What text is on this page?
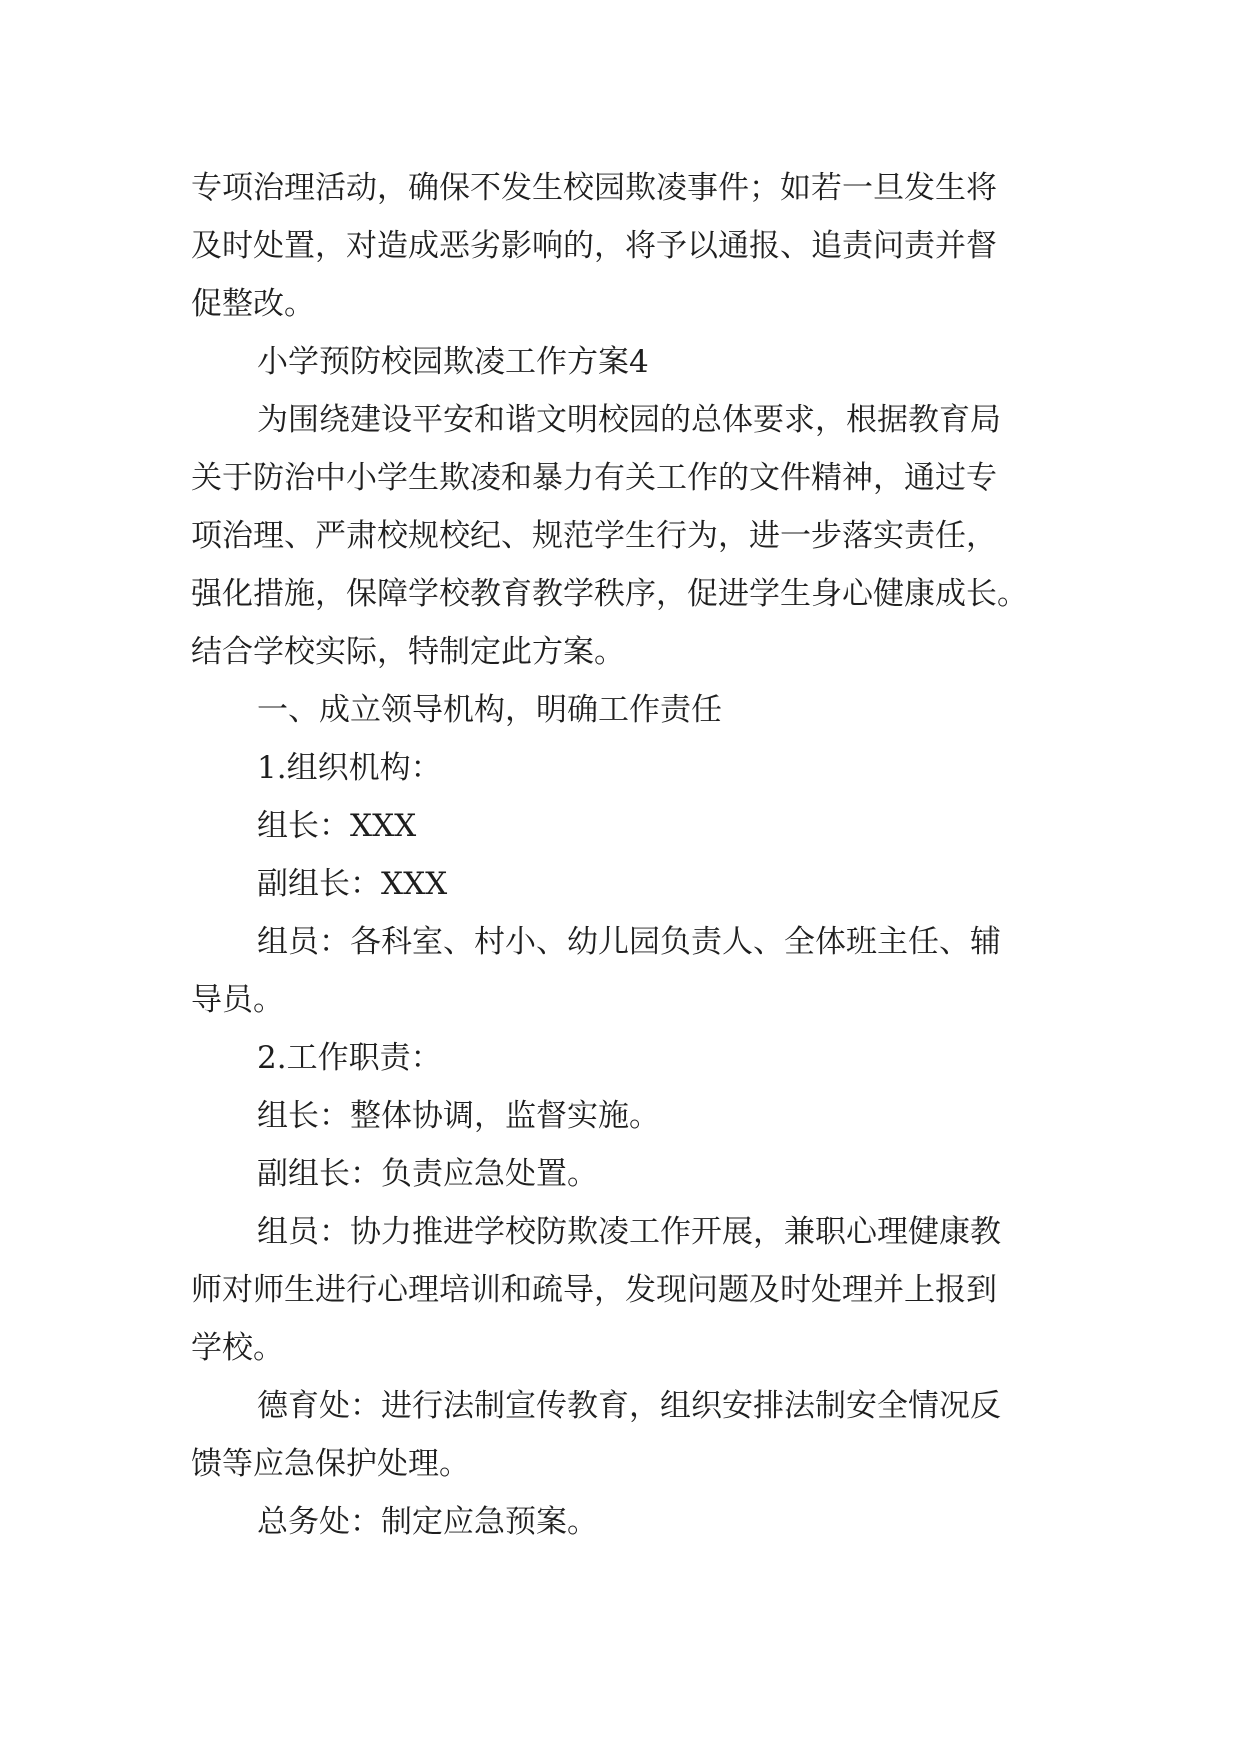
专项治理活动，确保不发生校园欺凌事件；如若一旦发生将
及时处置，对造成恶劣影响的，将予以通报、追责问责并督
促整改。
小学预防校园欺凌工作方案4
为围绕建设平安和谐文明校园的总体要求，根据教育局
关于防治中小学生欺凌和暴力有关工作的文件精神，通过专
项治理、严肃校规校纪、规范学生行为，进一步落实责任，
强化措施，保障学校教育教学秩序，促进学生身心健康成长。
结合学校实际，特制定此方案。
一、成立领导机构，明确工作责任
1.组织机构：
组长：XXX
副组长：XXX
组员：各科室、村小、幼儿园负责人、全体班主任、辅
导员。
2.工作职责：
组长：整体协调，监督实施。
副组长：负责应急处置。
组员：协力推进学校防欺凌工作开展，兼职心理健康教
师对师生进行心理培训和疏导，发现问题及时处理并上报到
学校。
德育处：进行法制宣传教育，组织安排法制安全情况反
馈等应急保护处理。
总务处：制定应急预案。
